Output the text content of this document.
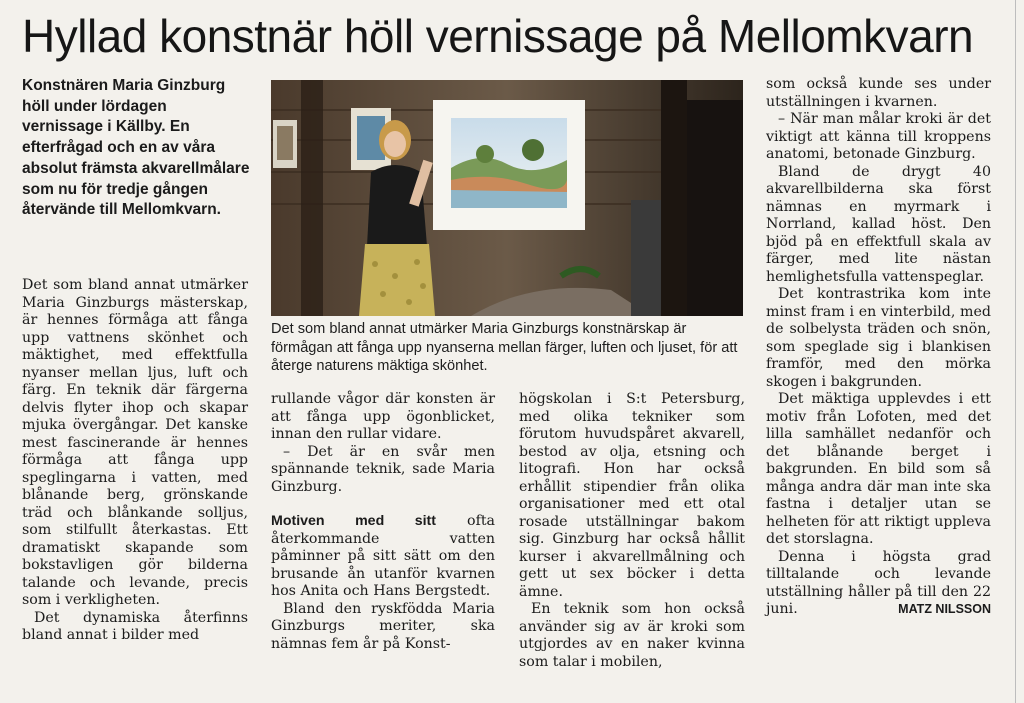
Hyllad konstnär höll vernissage på Mellomkvarn
Konstnären Maria Ginzburg höll under lördagen vernissage i Källby. En efterfrågad och en av våra absolut främsta akvarellmålare som nu för tredje gången återvände till Mellomkvarn.

Det som bland annat utmärker Maria Ginzburgs mästerskap, är hennes förmåga att fånga upp vattnens skönhet och mäktighet, med effektfulla nyanser mellan ljus, luft och färg. En teknik där färgerna delvis flyter ihop och skapar mjuka övergångar. Det kanske mest fascinerande är hennes förmåga att fånga upp speglingarna i vatten, med blånande berg, grönskande träd och blånkande solljus, som stilfullt återkastas. Ett dramatiskt skapande som bokstavligen gör bilderna talande och levande, precis som i verkligheten.

Det dynamiska återfinns bland annat i bilder med

Det som bland annat utmärker Maria Ginzburgs konstnärskap är förmågan att fånga upp nyanserna mellan färger, luften och ljuset, för att återge naturens mäktiga skönhet.

rullande vågor där konsten är att fånga upp ögonblicket, innan den rullar vidare.

– Det är en svår men spännande teknik, sade Maria Ginzburg.

Motiven med sitt ofta återkommande vatten påminner på sitt sätt om den brusande ån utanför kvarnen hos Anita och Hans Bergstedt.

Bland den ryskfödda Maria Ginzburgs meriter, ska nämnas fem år på Konst-

högskolan i S:t Petersburg, med olika tekniker som förutom huvudspåret akvarell, bestod av olja, etsning och litografi. Hon har också erhållit stipendier från olika organisationer med ett otal rosade utställningar bakom sig. Ginzburg har också hållit kurser i akvarellmålning och gett ut sex böcker i detta ämne.

En teknik som hon också använder sig av är kroki som utgjordes av en naker kvinna som talar i mobilen,

som också kunde ses under utställningen i kvarnen.

– När man målar kroki är det viktigt att känna till kroppens anatomi, betonade Ginzburg.

Bland de drygt 40 akvarellbilderna ska först nämnas en myrmark i Norrland, kallad höst. Den bjöd på en effektfull skala av färger, med lite nästan hemlighetsfulla vattenspeglar.

Det kontrastrika kom inte minst fram i en vinterbild, med de solbelysta träden och snön, som speglade sig i blankisen framför, med den mörka skogen i bakgrunden.

Det mäktiga upplevdes i ett motiv från Lofoten, med det lilla samhället nedanför och det blånande berget i bakgrunden. En bild som så många andra där man inte ska fastna i detaljer utan se helheten för att riktigt uppleva det storslagna.

Denna i högsta grad tilltalande och levande utställning håller på till den 22 juni.	MATZ NILSSON
